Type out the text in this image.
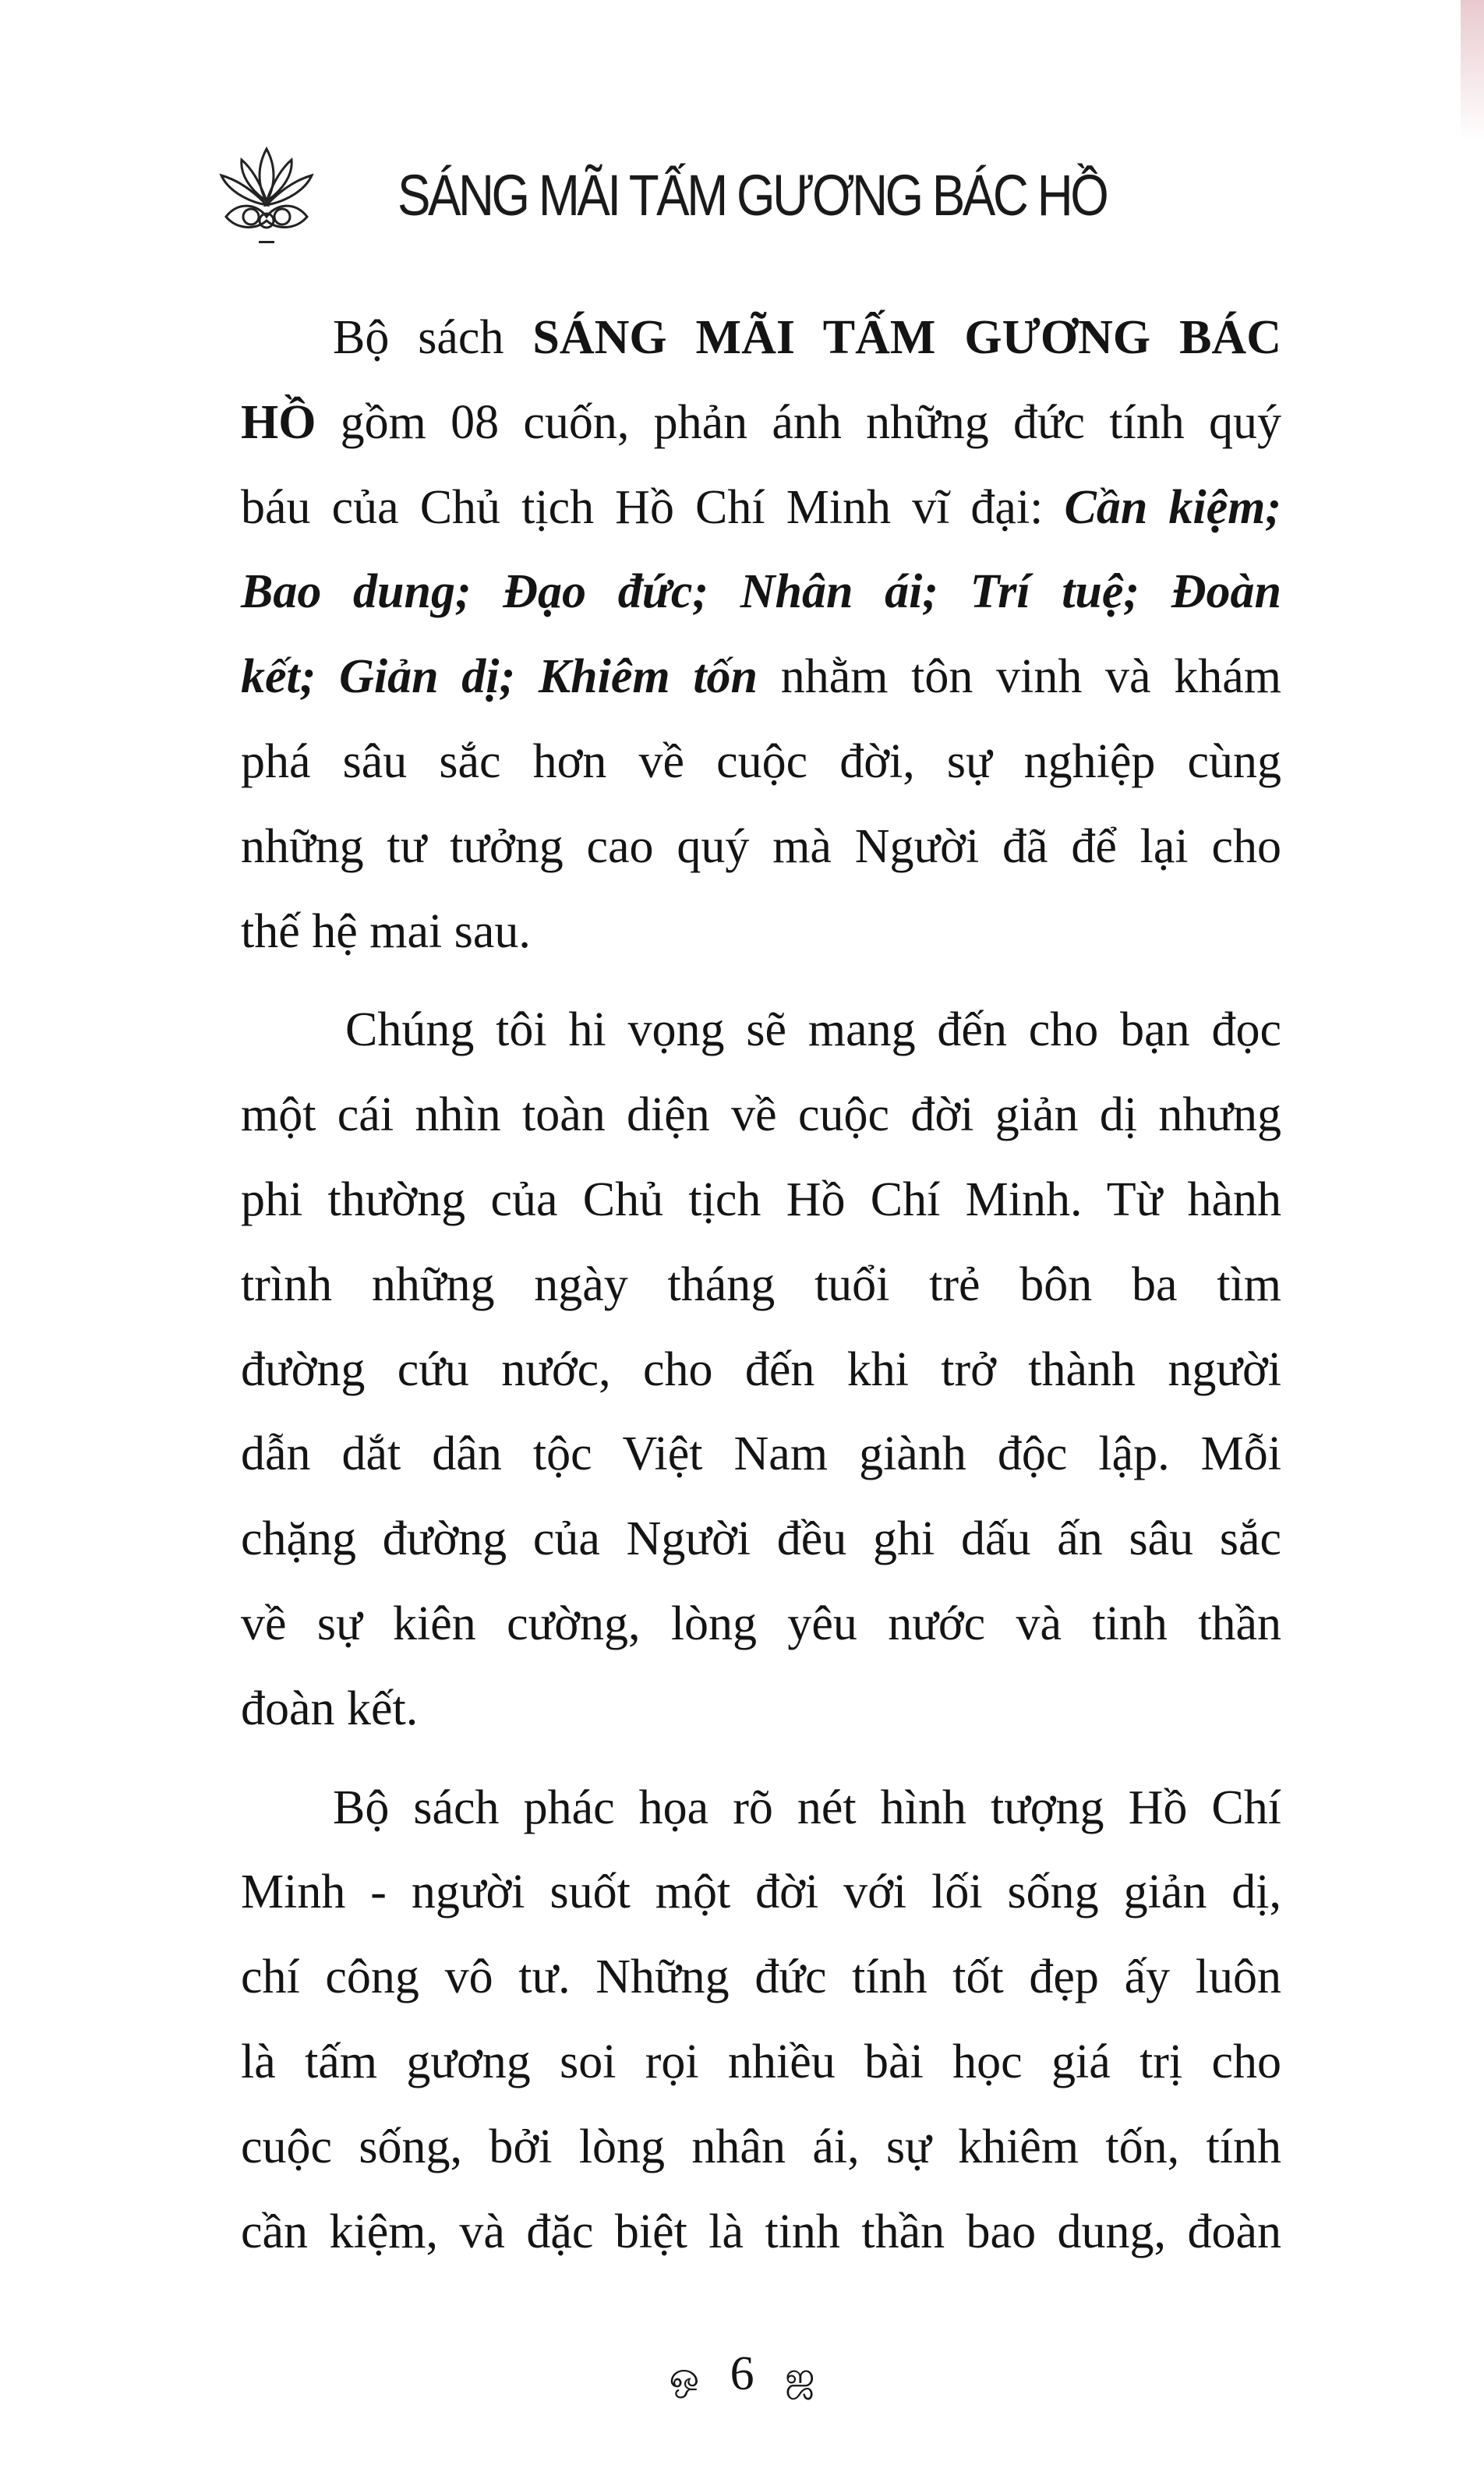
SÁNG MÃI TẤM GƯƠNG BÁC HỒ
Bộ sách SÁNG MÃI TẤM GƯƠNG BÁC
HỒ gồm 08 cuốn, phản ánh những đức tính quý
báu của Chủ tịch Hồ Chí Minh vĩ đại: Cần kiệm;
Bao dung; Đạo đức; Nhân ái; Trí tuệ; Đoàn
kết; Giản dị; Khiêm tốn nhằm tôn vinh và khám
phá sâu sắc hơn về cuộc đời, sự nghiệp cùng
những tư tưởng cao quý mà Người đã để lại cho
thế hệ mai sau.
Chúng tôi hi vọng sẽ mang đến cho bạn đọc
một cái nhìn toàn diện về cuộc đời giản dị nhưng
phi thường của Chủ tịch Hồ Chí Minh. Từ hành
trình những ngày tháng tuổi trẻ bôn ba tìm
đường cứu nước, cho đến khi trở thành người
dẫn dắt dân tộc Việt Nam giành độc lập. Mỗi
chặng đường của Người đều ghi dấu ấn sâu sắc
về sự kiên cường, lòng yêu nước và tinh thần
đoàn kết.
Bộ sách phác họa rõ nét hình tượng Hồ Chí
Minh - người suốt một đời với lối sống giản dị,
chí công vô tư. Những đức tính tốt đẹp ấy luôn
là tấm gương soi rọi nhiều bài học giá trị cho
cuộc sống, bởi lòng nhân ái, sự khiêm tốn, tính
cần kiệm, và đặc biệt là tinh thần bao dung, đoàn
ஒ 6 ஜ
